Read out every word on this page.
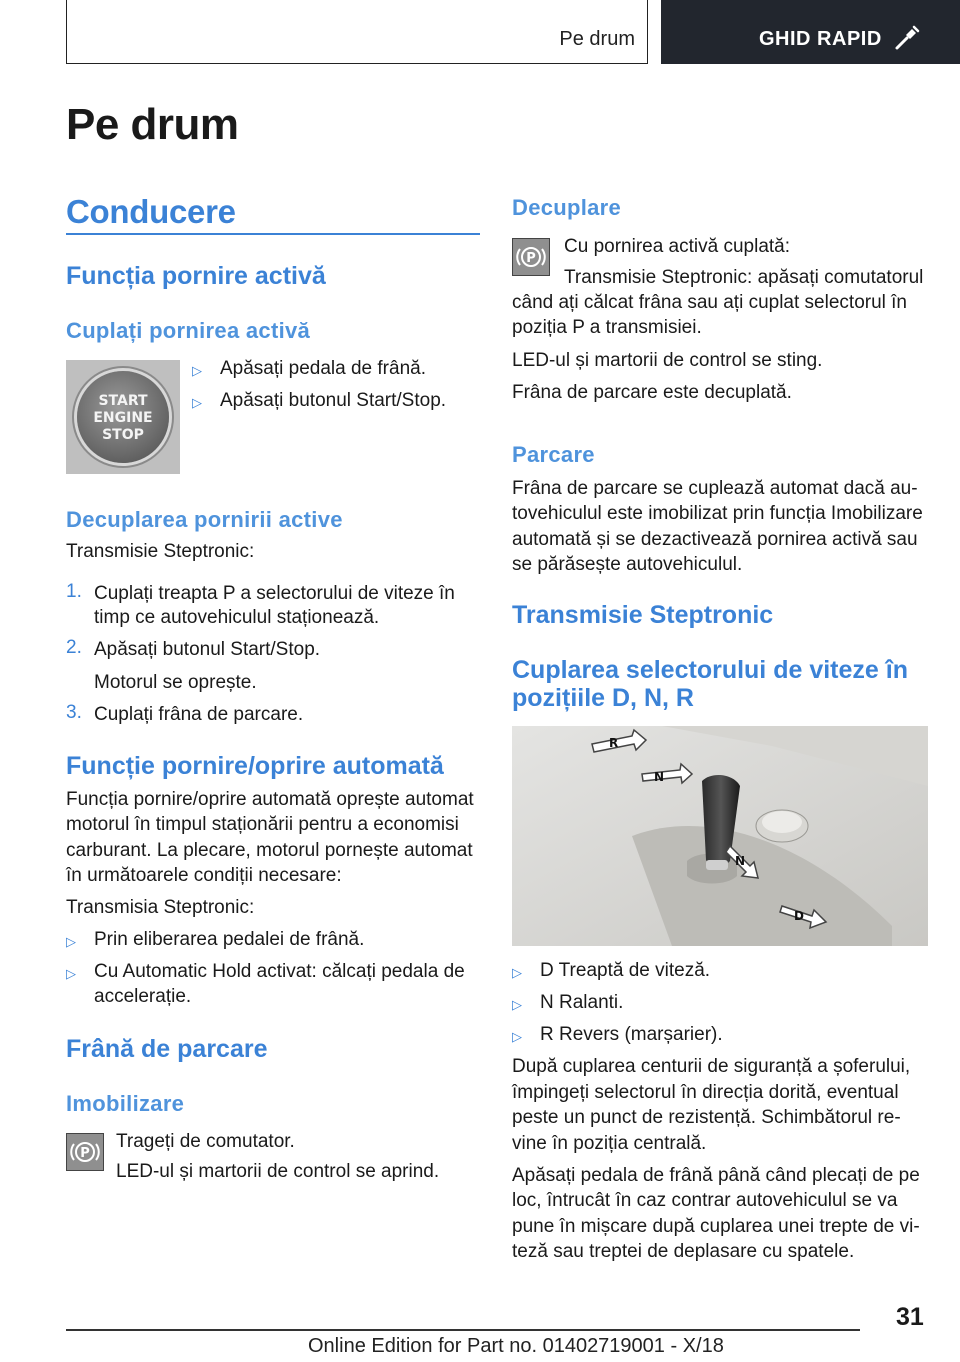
Pe drum	GHID RAPID
Pe drum
Conducere
Funcția pornire activă
Cuplați pornirea activă
START
ENGINE
STOP
▷ Apăsați pedala de frână.
▷ Apăsați butonul Start/Stop.
Decuplarea pornirii active
Transmisie Steptronic:
1. Cuplați treapta P a selectorului de viteze în
timp ce autovehiculul staționează.
2. Apăsați butonul Start/Stop.
Motorul se oprește.
3. Cuplați frâna de parcare.
Funcție pornire/oprire automată
Funcția pornire/oprire automată oprește automat
motorul în timpul staționării pentru a economisi
carburant. La plecare, motorul pornește automat
în următoarele condiții necesare:
Transmisia Steptronic:
▷ Prin eliberarea pedalei de frână.
▷ Cu Automatic Hold activat: călcați pedala de
accelerație.
Frână de parcare
Imobilizare
P
Trageți de comutator.
LED-ul și martorii de control se aprind.
Decuplare
P
Cu pornirea activă cuplată:
Transmisie Steptronic: apăsați comutatorul
când ați călcat frâna sau ați cuplat selectorul în
poziția P a transmisiei.
LED-ul și martorii de control se sting.
Frâna de parcare este decuplată.
Parcare
Frâna de parcare se cuplează automat dacă au-
tovehiculul este imobilizat prin funcția Imobilizare
automată și se dezactivează pornirea activă sau
se părăsește autovehiculul.
Transmisie Steptronic
Cuplarea selectorului de viteze în
pozițiile D, N, R
R
N
N
D
▷ D Treaptă de viteză.
▷ N Ralanti.
▷ R Revers (marșarier).
După cuplarea centurii de siguranță a șoferului,
împingeți selectorul în direcția dorită, eventual
peste un punct de rezistență. Schimbătorul re-
vine în poziția centrală.
Apăsați pedala de frână până când plecați de pe
loc, întrucât în caz contrar autovehiculul se va
pune în mișcare după cuplarea unei trepte de vi-
teză sau treptei de deplasare cu spatele.
31
Online Edition for Part no. 01402719001 - X/18
